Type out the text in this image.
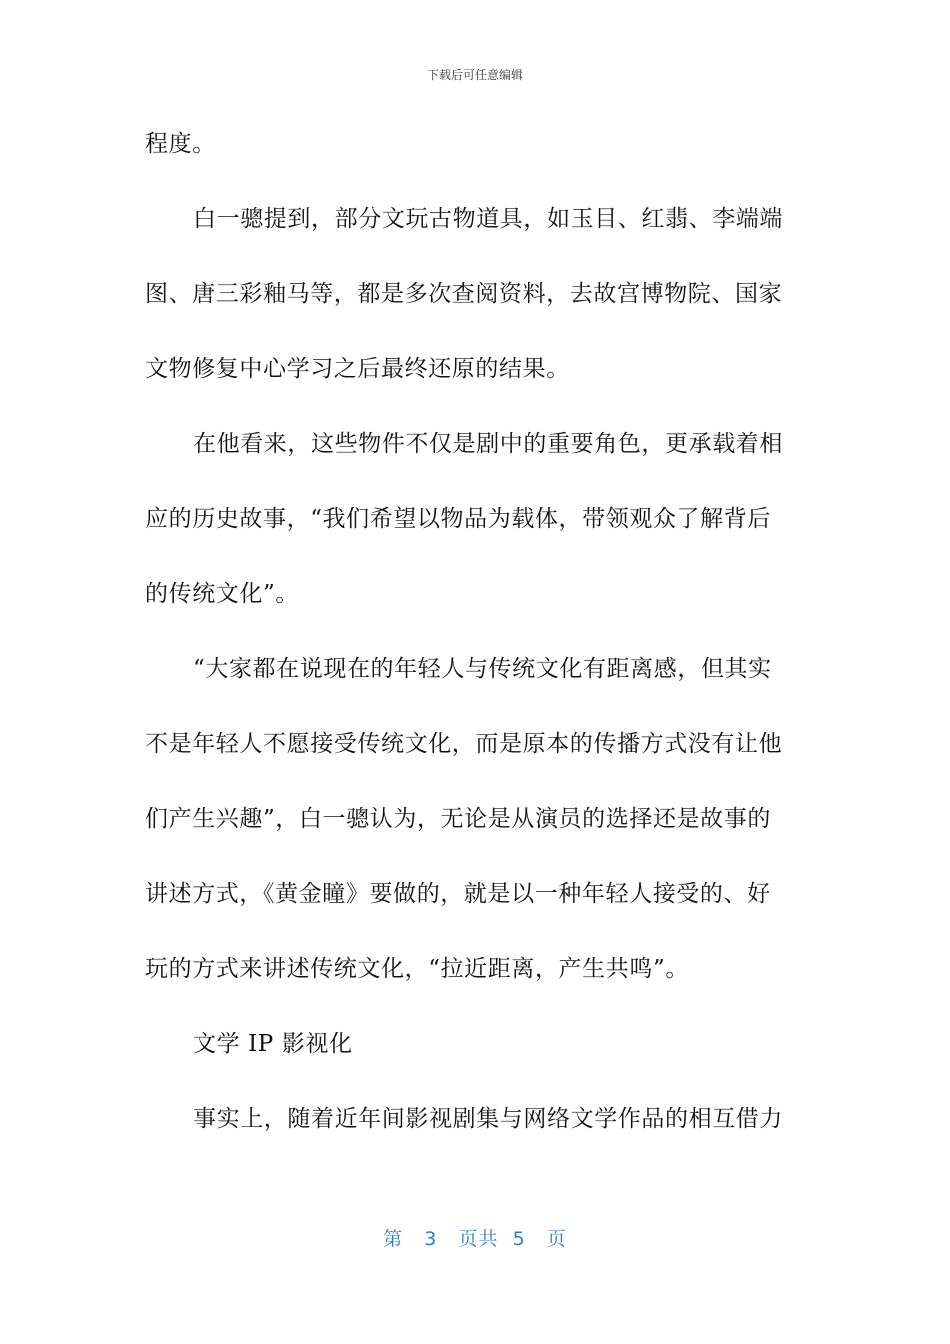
下载后可任意编辑
程度。
白一骢提到，部分文玩古物道具，如玉目、红翡、李端端
图、唐三彩釉马等，都是多次查阅资料，去故宫博物院、国家
文物修复中心学习之后最终还原的结果。
在他看来，这些物件不仅是剧中的重要角色，更承载着相
应的历史故事，“我们希望以物品为载体，带领观众了解背后
的传统文化”。
“大家都在说现在的年轻人与传统文化有距离感，但其实
不是年轻人不愿接受传统文化，而是原本的传播方式没有让他
们产生兴趣”，白一骢认为，无论是从演员的选择还是故事的
讲述方式，《黄金瞳》要做的，就是以一种年轻人接受的、好
玩的方式来讲述传统文化，“拉近距离，产生共鸣”。
文学 IP 影视化
事实上，随着近年间影视剧集与网络文学作品的相互借力
第 3 页共 5 页
